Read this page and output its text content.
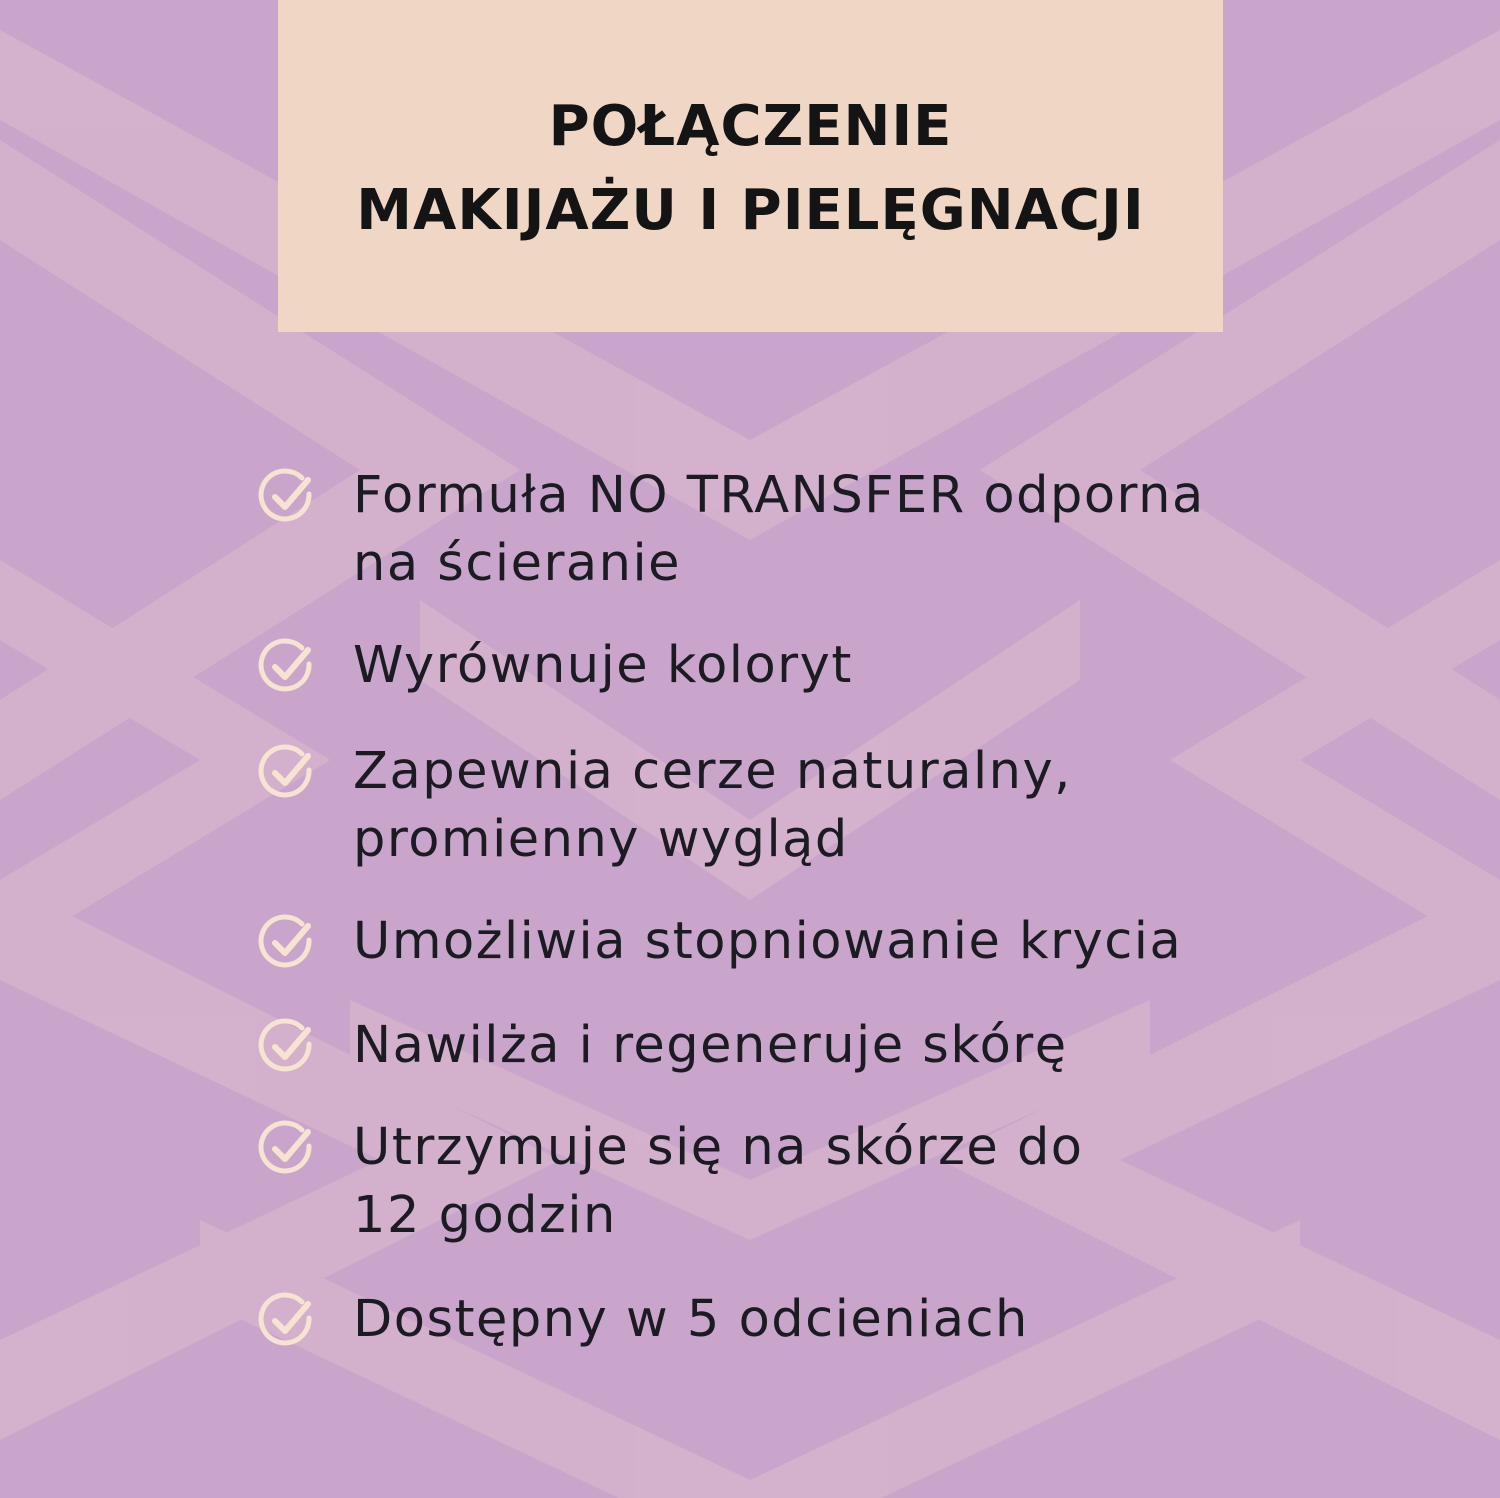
POŁĄCZENIE
MAKIJAŻU I PIELĘGNACJI
Formuła NO TRANSFER odporna
na ścieranie
Wyrównuje koloryt
Zapewnia cerze naturalny,
promienny wygląd
Umożliwia stopniowanie krycia
Nawilża i regeneruje skórę
Utrzymuje się na skórze do
12 godzin
Dostępny w 5 odcieniach
